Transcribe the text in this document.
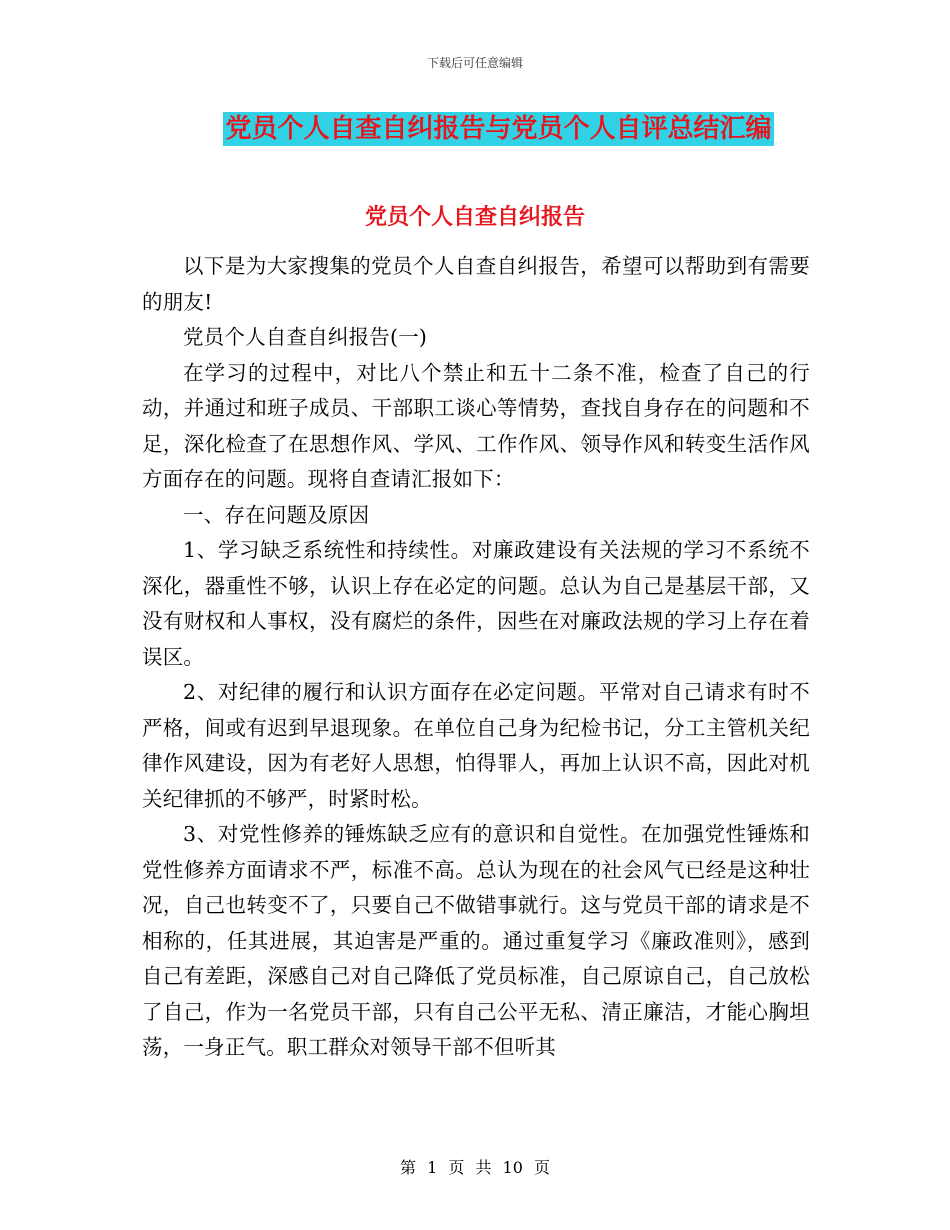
下载后可任意编辑
党员个人自查自纠报告与党员个人自评总结汇编
党员个人自查自纠报告

以下是为大家搜集的党员个人自查自纠报告，希望可以帮助到有需要的朋友!

党员个人自查自纠报告(一)

在学习的过程中，对比八个禁止和五十二条不准，检查了自己的行动，并通过和班子成员、干部职工谈心等情势，查找自身存在的问题和不足，深化检查了在思想作风、学风、工作作风、领导作风和转变生活作风方面存在的问题。现将自查请汇报如下：

一、存在问题及原因

1、学习缺乏系统性和持续性。对廉政建设有关法规的学习不系统不深化，器重性不够，认识上存在必定的问题。总认为自己是基层干部，又没有财权和人事权，没有腐烂的条件，因些在对廉政法规的学习上存在着误区。

2、对纪律的履行和认识方面存在必定问题。平常对自己请求有时不严格，间或有迟到早退现象。在单位自己身为纪检书记，分工主管机关纪律作风建设，因为有老好人思想，怕得罪人，再加上认识不高，因此对机关纪律抓的不够严，时紧时松。

3、对党性修养的锤炼缺乏应有的意识和自觉性。在加强党性锤炼和党性修养方面请求不严，标准不高。总认为现在的社会风气已经是这种壮况，自己也转变不了，只要自己不做错事就行。这与党员干部的请求是不相称的，任其进展，其迫害是严重的。通过重复学习《廉政准则》，感到自己有差距，深感自己对自己降低了党员标准，自己原谅自己，自己放松了自己，作为一名党员干部，只有自己公平无私、清正廉洁，才能心胸坦荡，一身正气。职工群众对领导干部不但听其

第 1 页 共 10 页
